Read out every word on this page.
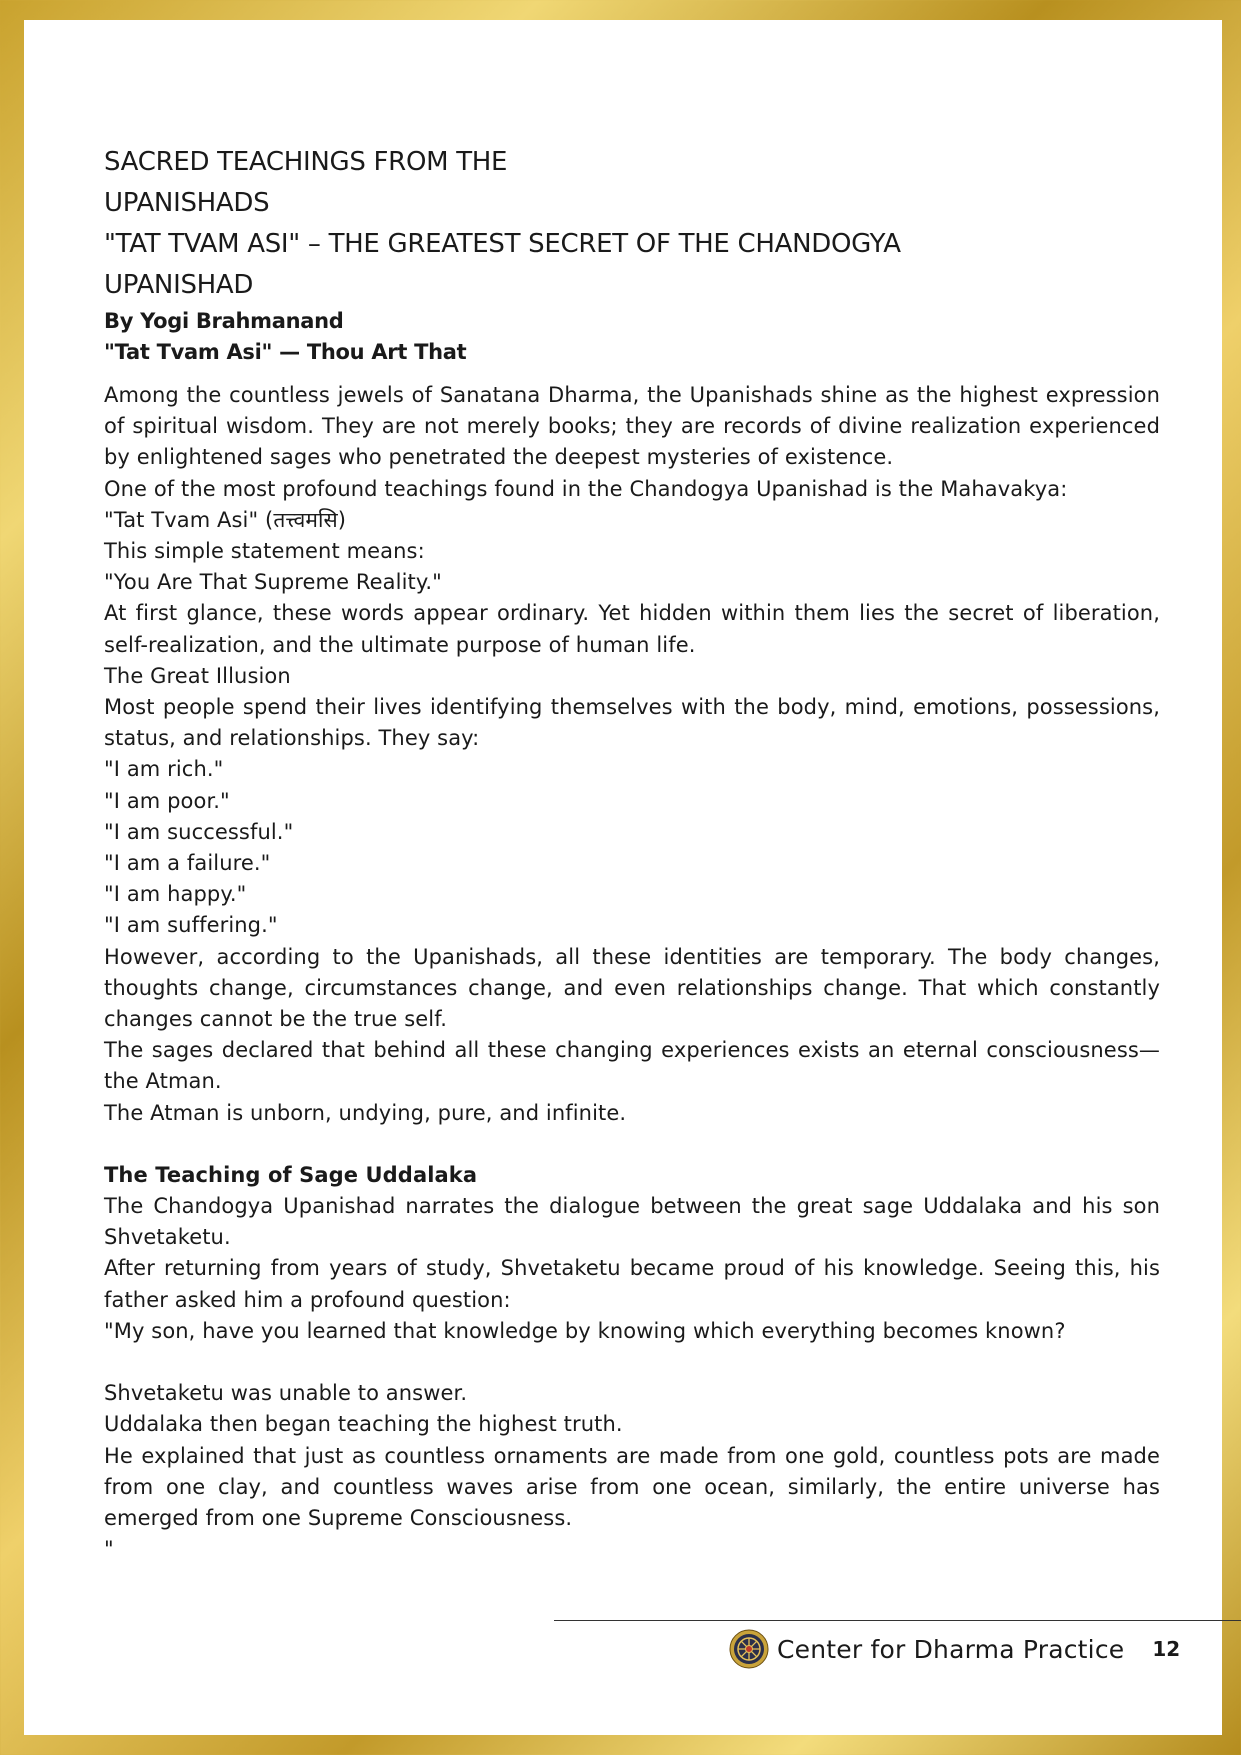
SACRED TEACHINGS FROM THE
UPANISHADS
"TAT TVAM ASI" – THE GREATEST SECRET OF THE CHANDOGYA
UPANISHAD

By Yogi Brahmanand

"Tat Tvam Asi" — Thou Art That

Among the countless jewels of Sanatana Dharma, the Upanishads shine as the highest expression of spiritual wisdom. They are not merely books; they are records of divine realization experienced by enlightened sages who penetrated the deepest mysteries of existence.

One of the most profound teachings found in the Chandogya Upanishad is the Mahavakya:

"Tat Tvam Asi" (तत्त्वमसि)

This simple statement means:

"You Are That Supreme Reality."

At first glance, these words appear ordinary. Yet hidden within them lies the secret of liberation, self-realization, and the ultimate purpose of human life.

The Great Illusion

Most people spend their lives identifying themselves with the body, mind, emotions, possessions, status, and relationships. They say:

"I am rich."

"I am poor."

"I am successful."

"I am a failure."

"I am happy."

"I am suffering."

However, according to the Upanishads, all these identities are temporary. The body changes, thoughts change, circumstances change, and even relationships change. That which constantly changes cannot be the true self.

The sages declared that behind all these changing experiences exists an eternal consciousness—the Atman.

The Atman is unborn, undying, pure, and infinite.

The Teaching of Sage Uddalaka

The Chandogya Upanishad narrates the dialogue between the great sage Uddalaka and his son Shvetaketu.

After returning from years of study, Shvetaketu became proud of his knowledge. Seeing this, his father asked him a profound question:

"My son, have you learned that knowledge by knowing which everything becomes known?

Shvetaketu was unable to answer.

Uddalaka then began teaching the highest truth.

He explained that just as countless ornaments are made from one gold, countless pots are made from one clay, and countless waves arise from one ocean, similarly, the entire universe has emerged from one Supreme Consciousness.

"

Center for Dharma Practice 12
